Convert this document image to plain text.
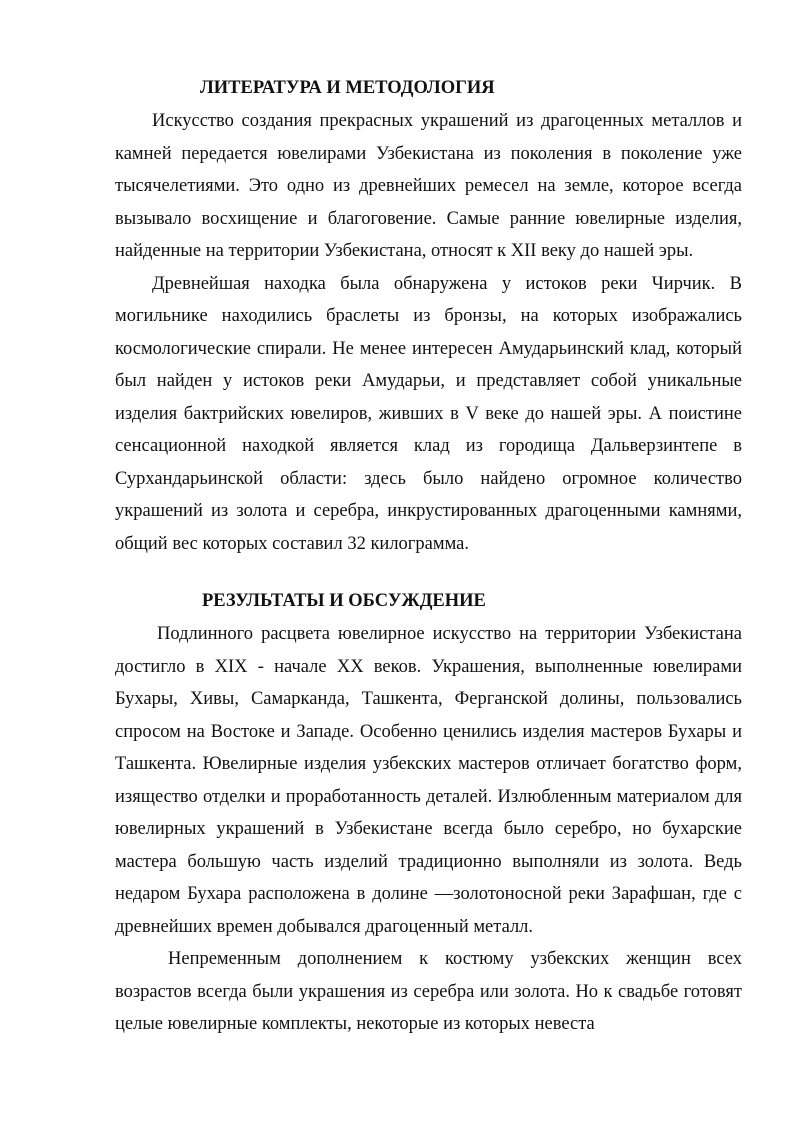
ЛИТЕРАТУРА И МЕТОДОЛОГИЯ

Искусство создания прекрасных украшений из драгоценных металлов и камней передается ювелирами Узбекистана из поколения в поколение уже тысячелетиями. Это одно из древнейших ремесел на земле, которое всегда вызывало восхищение и благоговение. Самые ранние ювелирные изделия, найденные на территории Узбекистана, относят к XII веку до нашей эры.

Древнейшая находка была обнаружена у истоков реки Чирчик. В могильнике находились браслеты из бронзы, на которых изображались космологические спирали. Не менее интересен Амударьинский клад, который был найден у истоков реки Амударьи, и представляет собой уникальные изделия бактрийских ювелиров, живших в V веке до нашей эры. А поистине сенсационной находкой является клад из городища Дальверзинтепе в Сурхандарьинской области: здесь было найдено огромное количество украшений из золота и серебра, инкрустированных драгоценными камнями, общий вес которых составил 32 килограмма.

РЕЗУЛЬТАТЫ И ОБСУЖДЕНИЕ

Подлинного расцвета ювелирное искусство на территории Узбекистана достигло в XIX - начале XX веков. Украшения, выполненные ювелирами Бухары, Хивы, Самарканда, Ташкента, Ферганской долины, пользовались спросом на Востоке и Западе. Особенно ценились изделия мастеров Бухары и Ташкента. Ювелирные изделия узбекских мастеров отличает богатство форм, изящество отделки и проработанность деталей. Излюбленным материалом для ювелирных украшений в Узбекистане всегда было серебро, но бухарские мастера большую часть изделий традиционно выполняли из золота. Ведь недаром Бухара расположена в долине —золотоносной реки Зарафшан, где с древнейших времен добывался драгоценный металл.

Непременным дополнением к костюму узбекских женщин всех возрастов всегда были украшения из серебра или золота. Но к свадьбе готовят целые ювелирные комплекты, некоторые из которых невеста
